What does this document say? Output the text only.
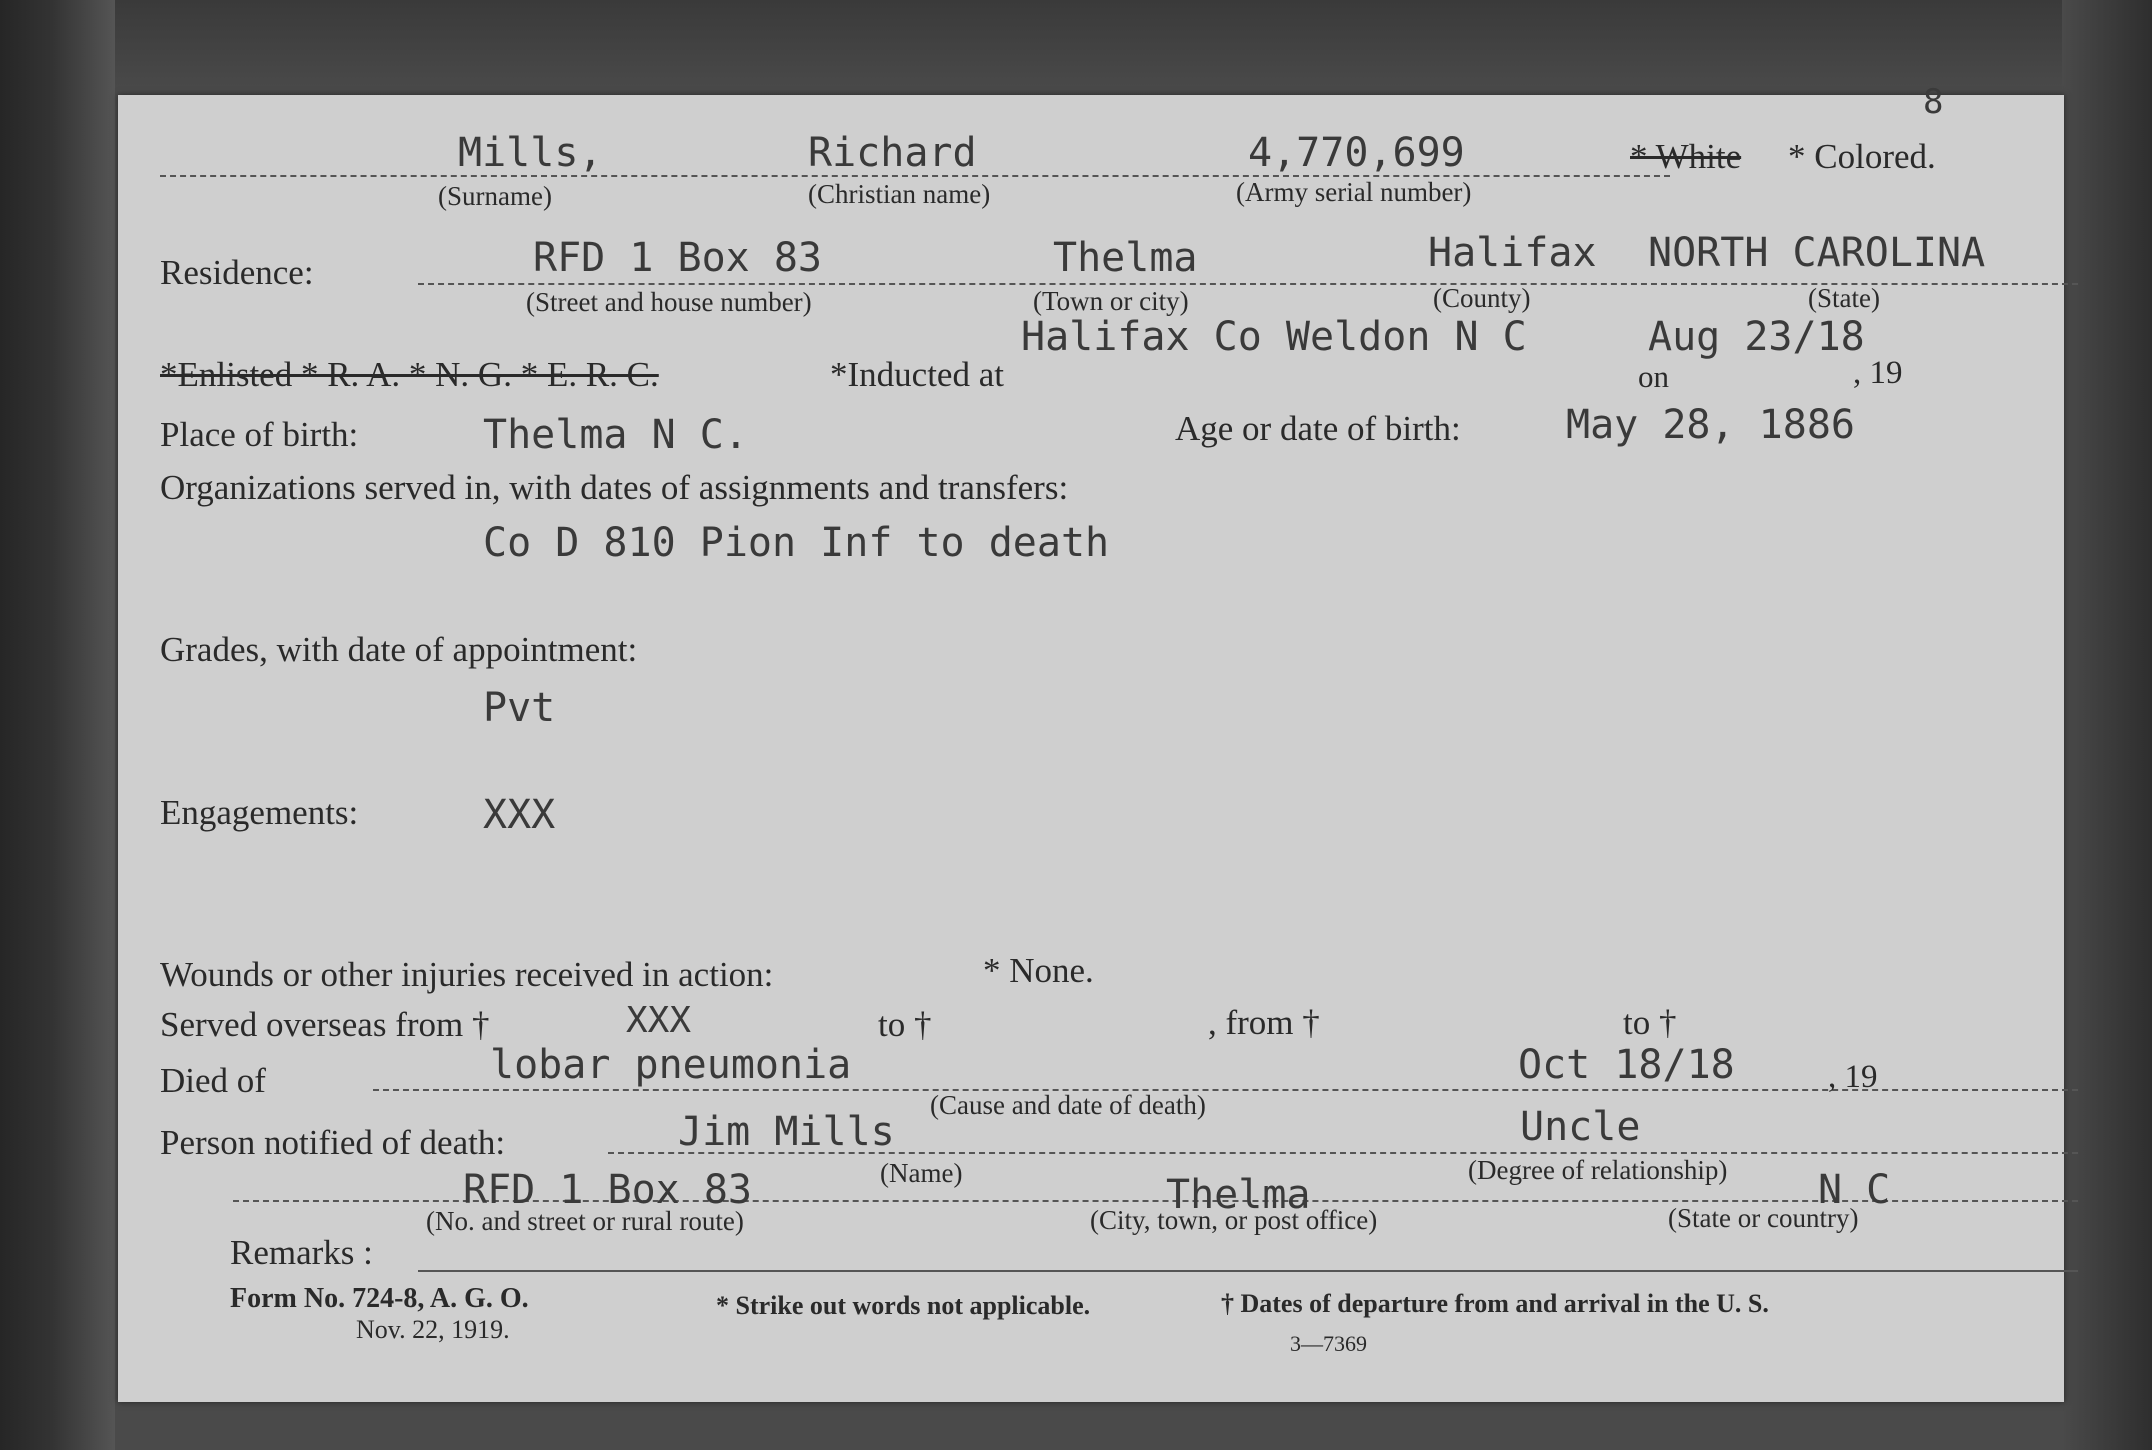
8
Mills,	Richard	4,770,699	* White * Colored.
(Surname)	(Christian name)	(Army serial number)
Residence:	RFD 1 Box 83	Thelma	Halifax NORTH CAROLINA
(Street and house number)	(Town or city)	(County)	(State)
Halifax Co Weldon N C	Aug 23/18
*Enlisted * R. A. * N. G. * E. R. C.	*Inducted at	on	, 19
Place of birth:	Thelma N C.	Age or date of birth:	May 28, 1886
Organizations served in, with dates of assignments and transfers:
Co D 810 Pion Inf to death
Grades, with date of appointment:
Pvt
Engagements:	XXX
Wounds or other injuries received in action:	* None.
Served overseas from †	XXX	to †	, from †	to †
Died of	lobar pneumonia	Oct 18/18	, 19
(Cause and date of death)
Person notified of death:	Jim Mills	Uncle
(Name)	(Degree of relationship)
RFD 1 Box 83	Thelma	N C
(No. and street or rural route)	(City, town, or post office)	(State or country)
Remarks :
Form No. 724-8, A. G. O.
Nov. 22, 1919.
* Strike out words not applicable.	† Dates of departure from and arrival in the U. S.
3—7369
